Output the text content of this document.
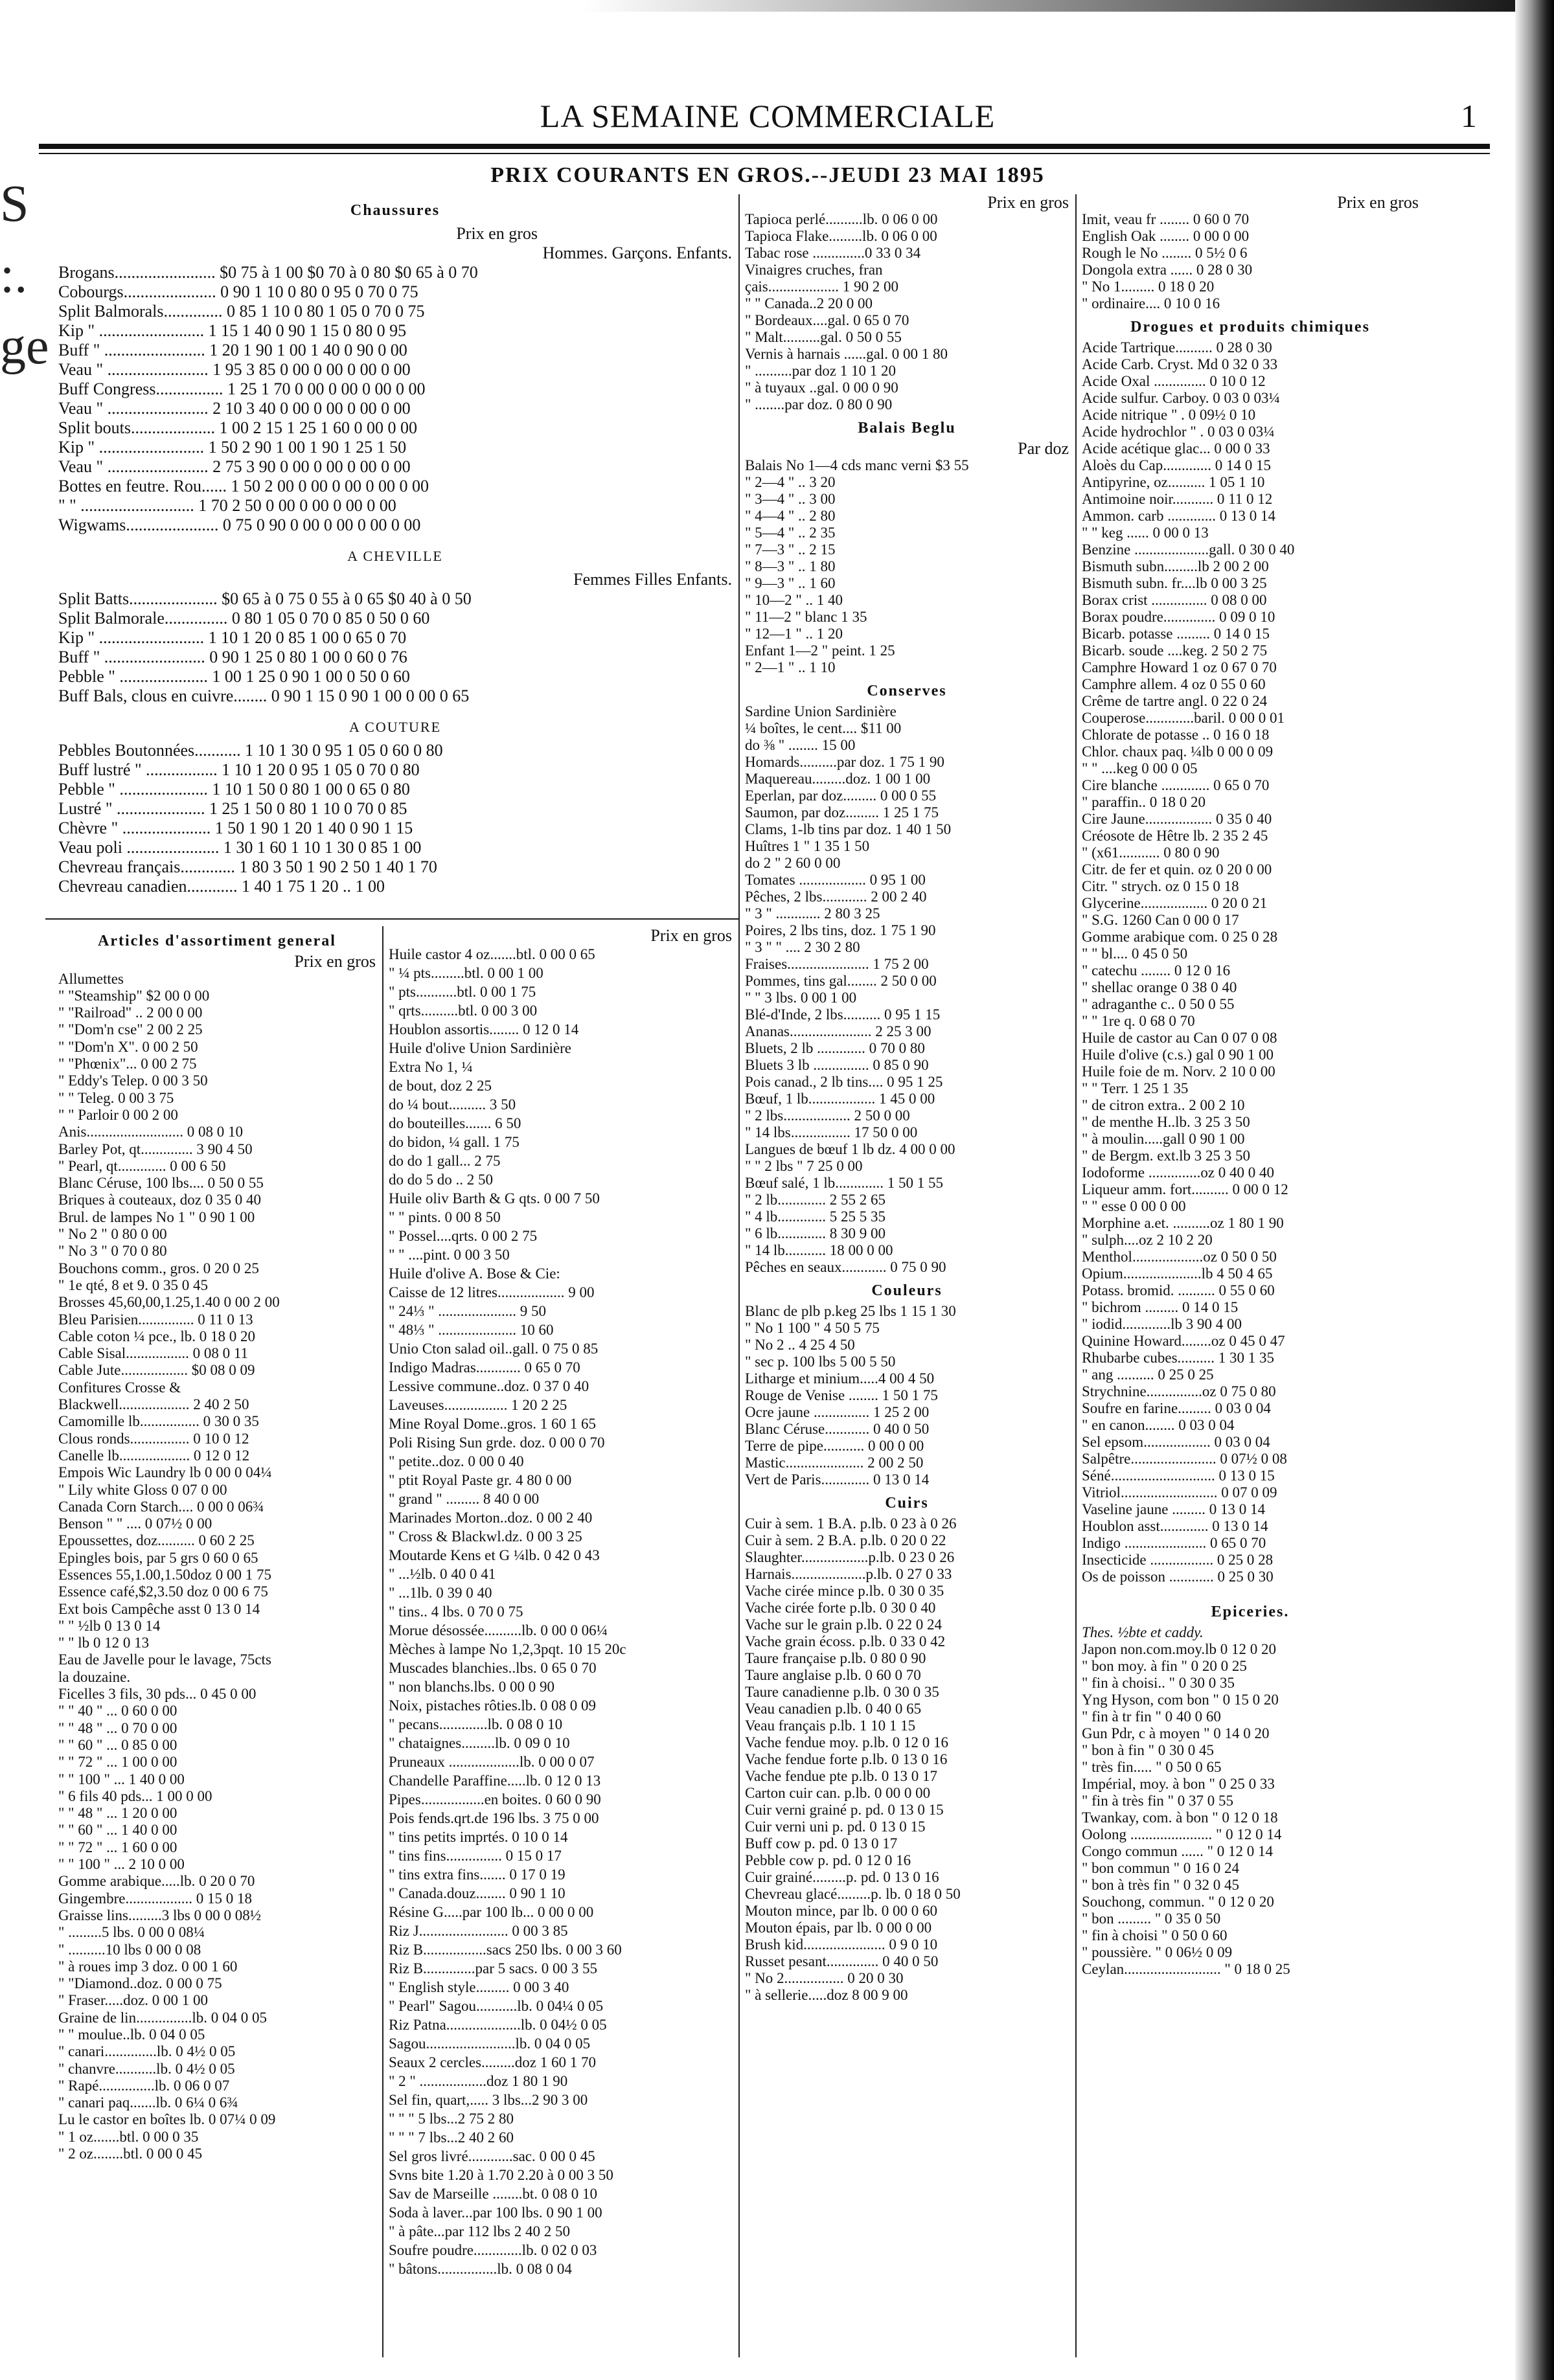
S
:.
ge
LA SEMAINE COMMERCIALE	1
PRIX COURANTS EN GROS.--JEUDI 23 MAI 1895
Chaussures
Prix en gros
Hommes. Garçons. Enfants.
Brogans........................ $0 75 à 1 00 $0 70 à 0 80 $0 65 à 0 70
Cobourgs...................... 0 90 1 10 0 80 0 95 0 70 0 75
Split Balmorals.............. 0 85 1 10 0 80 1 05 0 70 0 75
Kip " ......................... 1 15 1 40 0 90 1 15 0 80 0 95
Buff " ........................ 1 20 1 90 1 00 1 40 0 90 0 00
Veau " ........................ 1 95 3 85 0 00 0 00 0 00 0 00
Buff Congress................ 1 25 1 70 0 00 0 00 0 00 0 00
Veau " ........................ 2 10 3 40 0 00 0 00 0 00 0 00
Split bouts.................... 1 00 2 15 1 25 1 60 0 00 0 00
Kip " ......................... 1 50 2 90 1 00 1 90 1 25 1 50
Veau " ........................ 2 75 3 90 0 00 0 00 0 00 0 00
Bottes en feutre. Rou...... 1 50 2 00 0 00 0 00 0 00 0 00
" " ........................... 1 70 2 50 0 00 0 00 0 00 0 00
Wigwams...................... 0 75 0 90 0 00 0 00 0 00 0 00
A CHEVILLE
Femmes Filles Enfants.
Split Batts..................... $0 65 à 0 75 0 55 à 0 65 $0 40 à 0 50
Split Balmorale............... 0 80 1 05 0 70 0 85 0 50 0 60
Kip " ......................... 1 10 1 20 0 85 1 00 0 65 0 70
Buff " ........................ 0 90 1 25 0 80 1 00 0 60 0 76
Pebble " ..................... 1 00 1 25 0 90 1 00 0 50 0 60
Buff Bals, clous en cuivre........ 0 90 1 15 0 90 1 00 0 00 0 65
A COUTURE
Pebbles Boutonnées........... 1 10 1 30 0 95 1 05 0 60 0 80
Buff lustré " ................. 1 10 1 20 0 95 1 05 0 70 0 80
Pebble " ..................... 1 10 1 50 0 80 1 00 0 65 0 80
Lustré " ..................... 1 25 1 50 0 80 1 10 0 70 0 85
Chèvre " ..................... 1 50 1 90 1 20 1 40 0 90 1 15
Veau poli ...................... 1 30 1 60 1 10 1 30 0 85 1 00
Chevreau français............. 1 80 3 50 1 90 2 50 1 40 1 70
Chevreau canadien............ 1 40 1 75 1 20 .. 1 00
Articles d'assortiment general
Prix en gros
Allumettes
" "Steamship" $2 00 0 00
" "Railroad" .. 2 00 0 00
" "Dom'n cse" 2 00 2 25
" "Dom'n X". 0 00 2 50
" "Phœnix"... 0 00 2 75
" Eddy's Telep. 0 00 3 50
" " Teleg. 0 00 3 75
" " Parloir 0 00 2 00
Anis.......................... 0 08 0 10
Barley Pot, qt.............. 3 90 4 50
" Pearl, qt............. 0 00 6 50
Blanc Céruse, 100 lbs.... 0 50 0 55
Briques à couteaux, doz 0 35 0 40
Brul. de lampes No 1 " 0 90 1 00
" No 2 " 0 80 0 00
" No 3 " 0 70 0 80
Bouchons comm., gros. 0 20 0 25
" 1e qté, 8 et 9. 0 35 0 45
Brosses 45,60,00,1.25,1.40 0 00 2 00
Bleu Parisien............... 0 11 0 13
Cable coton ¼ pce., lb. 0 18 0 20
Cable Sisal................. 0 08 0 11
Cable Jute.................. $0 08 0 09
Confitures Crosse &
Blackwell................... 2 40 2 50
Camomille lb................ 0 30 0 35
Clous ronds................ 0 10 0 12
Canelle lb................... 0 12 0 12
Empois Wic Laundry lb 0 00 0 04¼
" Lily white Gloss 0 07 0 00
Canada Corn Starch.... 0 00 0 06¾
Benson " " .... 0 07½ 0 00
Epoussettes, doz.......... 0 60 2 25
Epingles bois, par 5 grs 0 60 0 65
Essences 55,1.00,1.50doz 0 00 1 75
Essence café,$2,3.50 doz 0 00 6 75
Ext bois Campêche asst 0 13 0 14
" " ½lb 0 13 0 14
" " lb 0 12 0 13
Eau de Javelle pour le lavage, 75cts
la douzaine.
Ficelles 3 fils, 30 pds... 0 45 0 00
" " 40 " ... 0 60 0 00
" " 48 " ... 0 70 0 00
" " 60 " ... 0 85 0 00
" " 72 " ... 1 00 0 00
" " 100 " ... 1 40 0 00
" 6 fils 40 pds... 1 00 0 00
" " 48 " ... 1 20 0 00
" " 60 " ... 1 40 0 00
" " 72 " ... 1 60 0 00
" " 100 " ... 2 10 0 00
Gomme arabique.....lb. 0 20 0 70
Gingembre.................. 0 15 0 18
Graisse lins.........3 lbs 0 00 0 08½
" .........5 lbs. 0 00 0 08¼
" ..........10 lbs 0 00 0 08
" à roues imp 3 doz. 0 00 1 60
" "Diamond..doz. 0 00 0 75
" Fraser.....doz. 0 00 1 00
Graine de lin...............lb. 0 04 0 05
" " moulue..lb. 0 04 0 05
" canari..............lb. 0 4½ 0 05
" chanvre...........lb. 0 4½ 0 05
" Rapé...............lb. 0 06 0 07
" canari paq.......lb. 0 6¼ 0 6¾
Lu le castor en boîtes lb. 0 07¼ 0 09
" 1 oz.......btl. 0 00 0 35
" 2 oz........btl. 0 00 0 45
Prix en gros
Huile castor 4 oz.......btl. 0 00 0 65
" ¼ pts.........btl. 0 00 1 00
" pts...........btl. 0 00 1 75
" qrts..........btl. 0 00 3 00
Houblon assortis........ 0 12 0 14
Huile d'olive Union Sardinière
Extra No 1, ¼
de bout, doz 2 25
do ¼ bout.......... 3 50
do bouteilles....... 6 50
do bidon, ¼ gall. 1 75
do do 1 gall... 2 75
do do 5 do .. 2 50
Huile oliv Barth & G qts. 0 00 7 50
" " pints. 0 00 8 50
" Possel....qrts. 0 00 2 75
" " ....pint. 0 00 3 50
Huile d'olive A. Bose & Cie:
Caisse de 12 litres.................. 9 00
" 24⅓ " ..................... 9 50
" 48⅓ " ..................... 10 60
Unio Cton salad oil..gall. 0 75 0 85
Indigo Madras............ 0 65 0 70
Lessive commune..doz. 0 37 0 40
Laveuses................. 1 20 2 25
Mine Royal Dome..gros. 1 60 1 65
Poli Rising Sun grde. doz. 0 00 0 70
" petite..doz. 0 00 0 40
" ptit Royal Paste gr. 4 80 0 00
" grand " ......... 8 40 0 00
Marinades Morton..doz. 0 00 2 40
" Cross & Blackwl.dz. 0 00 3 25
Moutarde Kens et G ¼lb. 0 42 0 43
" ...½lb. 0 40 0 41
" ...1lb. 0 39 0 40
" tins.. 4 lbs. 0 70 0 75
Morue désossée..........lb. 0 00 0 06¼
Mèches à lampe No 1,2,3pqt. 10 15 20c
Muscades blanchies..lbs. 0 65 0 70
" non blanchs.lbs. 0 00 0 90
Noix, pistaches rôties.lb. 0 08 0 09
" pecans.............lb. 0 08 0 10
" chataignes.........lb. 0 09 0 10
Pruneaux ...................lb. 0 00 0 07
Chandelle Paraffine.....lb. 0 12 0 13
Pipes.................en boites. 0 60 0 90
Pois fends.qrt.de 196 lbs. 3 75 0 00
" tins petits imprtés. 0 10 0 14
" tins fins............... 0 15 0 17
" tins extra fins....... 0 17 0 19
" Canada.douz........ 0 90 1 10
Résine G.....par 100 lb... 0 00 0 00
Riz J........................ 0 00 3 85
Riz B.................sacs 250 lbs. 0 00 3 60
Riz B..............par 5 sacs. 0 00 3 55
" English style......... 0 00 3 40
" Pearl" Sagou...........lb. 0 04¼ 0 05
Riz Patna....................lb. 0 04½ 0 05
Sagou........................lb. 0 04 0 05
Seaux 2 cercles.........doz 1 60 1 70
" 2 " ..................doz 1 80 1 90
Sel fin, quart,..... 3 lbs...2 90 3 00
" " " 5 lbs...2 75 2 80
" " " 7 lbs...2 40 2 60
Sel gros livré............sac. 0 00 0 45
Svns bite 1.20 à 1.70 2.20 à 0 00 3 50
Sav de Marseille ........bt. 0 08 0 10
Soda à laver...par 100 lbs. 0 90 1 00
" à pâte...par 112 lbs 2 40 2 50
Soufre poudre.............lb. 0 02 0 03
" bâtons................lb. 0 08 0 04
Prix en gros
Tapioca perlé..........lb. 0 06 0 00
Tapioca Flake.........lb. 0 06 0 00
Tabac rose ..............0 33 0 34
Vinaigres cruches, fran
çais................... 1 90 2 00
" " Canada..2 20 0 00
" Bordeaux....gal. 0 65 0 70
" Malt..........gal. 0 50 0 55
Vernis à harnais ......gal. 0 00 1 80
" ..........par doz 1 10 1 20
" à tuyaux ..gal. 0 00 0 90
" ........par doz. 0 80 0 90
Balais Beglu
Par doz
Balais No 1—4 cds manc verni $3 55
" 2—4 " .. 3 20
" 3—4 " .. 3 00
" 4—4 " .. 2 80
" 5—4 " .. 2 35
" 7—3 " .. 2 15
" 8—3 " .. 1 80
" 9—3 " .. 1 60
" 10—2 " .. 1 40
" 11—2 " blanc 1 35
" 12—1 " .. 1 20
Enfant 1—2 " peint. 1 25
" 2—1 " .. 1 10
Conserves
Sardine Union Sardinière
¼ boîtes, le cent.... $11 00
do ⅜ " ........ 15 00
Homards..........par doz. 1 75 1 90
Maquereau.........doz. 1 00 1 00
Eperlan, par doz......... 0 00 0 55
Saumon, par doz......... 1 25 1 75
Clams, 1-lb tins par doz. 1 40 1 50
Huîtres 1 " 1 35 1 50
do 2 " 2 60 0 00
Tomates .................. 0 95 1 00
Pêches, 2 lbs............ 2 00 2 40
" 3 " ............ 2 80 3 25
Poires, 2 lbs tins, doz. 1 75 1 90
" 3 " " .... 2 30 2 80
Fraises...................... 1 75 2 00
Pommes, tins gal........ 2 50 0 00
" " 3 lbs. 0 00 1 00
Blé-d'Inde, 2 lbs.......... 0 95 1 15
Ananas...................... 2 25 3 00
Bluets, 2 lb ............. 0 70 0 80
Bluets 3 lb ............... 0 85 0 90
Pois canad., 2 lb tins.... 0 95 1 25
Bœuf, 1 lb.................. 1 45 0 00
" 2 lbs.................. 2 50 0 00
" 14 lbs................ 17 50 0 00
Langues de bœuf 1 lb dz. 4 00 0 00
" " 2 lbs " 7 25 0 00
Bœuf salé, 1 lb............. 1 50 1 55
" 2 lb............. 2 55 2 65
" 4 lb............. 5 25 5 35
" 6 lb............. 8 30 9 00
" 14 lb........... 18 00 0 00
Pêches en seaux............ 0 75 0 90
Couleurs
Blanc de plb p.keg 25 lbs 1 15 1 30
" No 1 100 " 4 50 5 75
" No 2 .. 4 25 4 50
" sec p. 100 lbs 5 00 5 50
Litharge et minium.....4 00 4 50
Rouge de Venise ........ 1 50 1 75
Ocre jaune ............... 1 25 2 00
Blanc Céruse............ 0 40 0 50
Terre de pipe........... 0 00 0 00
Mastic..................... 2 00 2 50
Vert de Paris............. 0 13 0 14
Cuirs
Cuir à sem. 1 B.A. p.lb. 0 23 à 0 26
Cuir à sem. 2 B.A. p.lb. 0 20 0 22
Slaughter..................p.lb. 0 23 0 26
Harnais....................p.lb. 0 27 0 33
Vache cirée mince p.lb. 0 30 0 35
Vache cirée forte p.lb. 0 30 0 40
Vache sur le grain p.lb. 0 22 0 24
Vache grain écoss. p.lb. 0 33 0 42
Taure française p.lb. 0 80 0 90
Taure anglaise p.lb. 0 60 0 70
Taure canadienne p.lb. 0 30 0 35
Veau canadien p.lb. 0 40 0 65
Veau français p.lb. 1 10 1 15
Vache fendue moy. p.lb. 0 12 0 16
Vache fendue forte p.lb. 0 13 0 16
Vache fendue pte p.lb. 0 13 0 17
Carton cuir can. p.lb. 0 00 0 00
Cuir verni grainé p. pd. 0 13 0 15
Cuir verni uni p. pd. 0 13 0 15
Buff cow p. pd. 0 13 0 17
Pebble cow p. pd. 0 12 0 16
Cuir grainé.........p. pd. 0 13 0 16
Chevreau glacé.........p. lb. 0 18 0 50
Mouton mince, par lb. 0 00 0 60
Mouton épais, par lb. 0 00 0 00
Brush kid...................... 0 9 0 10
Russet pesant.............. 0 40 0 50
" No 2................ 0 20 0 30
" à sellerie.....doz 8 00 9 00
Prix en gros
Imit, veau fr ........ 0 60 0 70
English Oak ........ 0 00 0 00
Rough le No ........ 0 5½ 0 6
Dongola extra ...... 0 28 0 30
" No 1......... 0 18 0 20
" ordinaire.... 0 10 0 16
Drogues et produits chimiques
Acide Tartrique.......... 0 28 0 30
Acide Carb. Cryst. Md 0 32 0 33
Acide Oxal .............. 0 10 0 12
Acide sulfur. Carboy. 0 03 0 03¼
Acide nitrique " . 0 09½ 0 10
Acide hydrochlor " . 0 03 0 03¼
Acide acétique glac... 0 00 0 33
Aloès du Cap............. 0 14 0 15
Antipyrine, oz.......... 1 05 1 10
Antimoine noir........... 0 11 0 12
Ammon. carb ............. 0 13 0 14
" " keg ...... 0 00 0 13
Benzine ....................gall. 0 30 0 40
Bismuth subn.........lb 2 00 2 00
Bismuth subn. fr....lb 0 00 3 25
Borax crist ............... 0 08 0 00
Borax poudre.............. 0 09 0 10
Bicarb. potasse ......... 0 14 0 15
Bicarb. soude ....keg. 2 50 2 75
Camphre Howard 1 oz 0 67 0 70
Camphre allem. 4 oz 0 55 0 60
Crême de tartre angl. 0 22 0 24
Couperose.............baril. 0 00 0 01
Chlorate de potasse .. 0 16 0 18
Chlor. chaux paq. ¼lb 0 00 0 09
" " ....keg 0 00 0 05
Cire blanche ............. 0 65 0 70
" paraffin.. 0 18 0 20
Cire Jaune.................. 0 35 0 40
Créosote de Hêtre lb. 2 35 2 45
" (x61........... 0 80 0 90
Citr. de fer et quin. oz 0 20 0 00
Citr. " strych. oz 0 15 0 18
Glycerine.................. 0 20 0 21
" S.G. 1260 Can 0 00 0 17
Gomme arabique com. 0 25 0 28
" " bl.... 0 45 0 50
" catechu ........ 0 12 0 16
" shellac orange 0 38 0 40
" adraganthe c.. 0 50 0 55
" " 1re q. 0 68 0 70
Huile de castor au Can 0 07 0 08
Huile d'olive (c.s.) gal 0 90 1 00
Huile foie de m. Norv. 2 10 0 00
" " Terr. 1 25 1 35
" de citron extra.. 2 00 2 10
" de menthe H..lb. 3 25 3 50
" à moulin.....gall 0 90 1 00
" de Bergm. ext.lb 3 25 3 50
Iodoforme ..............oz 0 40 0 40
Liqueur amm. fort.......... 0 00 0 12
" " esse 0 00 0 00
Morphine a.et. ..........oz 1 80 1 90
" sulph....oz 2 10 2 20
Menthol...................oz 0 50 0 50
Opium.....................lb 4 50 4 65
Potass. bromid. .......... 0 55 0 60
" bichrom ......... 0 14 0 15
" iodid.............lb 3 90 4 00
Quinine Howard........oz 0 45 0 47
Rhubarbe cubes.......... 1 30 1 35
" ang .......... 0 25 0 25
Strychnine...............oz 0 75 0 80
Soufre en farine......... 0 03 0 04
" en canon........ 0 03 0 04
Sel epsom.................. 0 03 0 04
Salpêtre....................... 0 07½ 0 08
Séné............................ 0 13 0 15
Vitriol.......................... 0 07 0 09
Vaseline jaune ......... 0 13 0 14
Houblon asst............. 0 13 0 14
Indigo ...................... 0 65 0 70
Insecticide ................. 0 25 0 28
Os de poisson ............ 0 25 0 30
Epiceries.
Thes. ½bte et caddy.
Japon non.com.moy.lb 0 12 0 20
" bon moy. à fin " 0 20 0 25
" fin à choisi.. " 0 30 0 35
Yng Hyson, com bon " 0 15 0 20
" fin à tr fin " 0 40 0 60
Gun Pdr, c à moyen " 0 14 0 20
" bon à fin " 0 30 0 45
" très fin..... " 0 50 0 65
Impérial, moy. à bon " 0 25 0 33
" fin à très fin " 0 37 0 55
Twankay, com. à bon " 0 12 0 18
Oolong ...................... " 0 12 0 14
Congo commun ...... " 0 12 0 14
" bon commun " 0 16 0 24
" bon à très fin " 0 32 0 45
Souchong, commun. " 0 12 0 20
" bon ......... " 0 35 0 50
" fin à choisi " 0 50 0 60
" poussière. " 0 06½ 0 09
Ceylan.......................... " 0 18 0 25
